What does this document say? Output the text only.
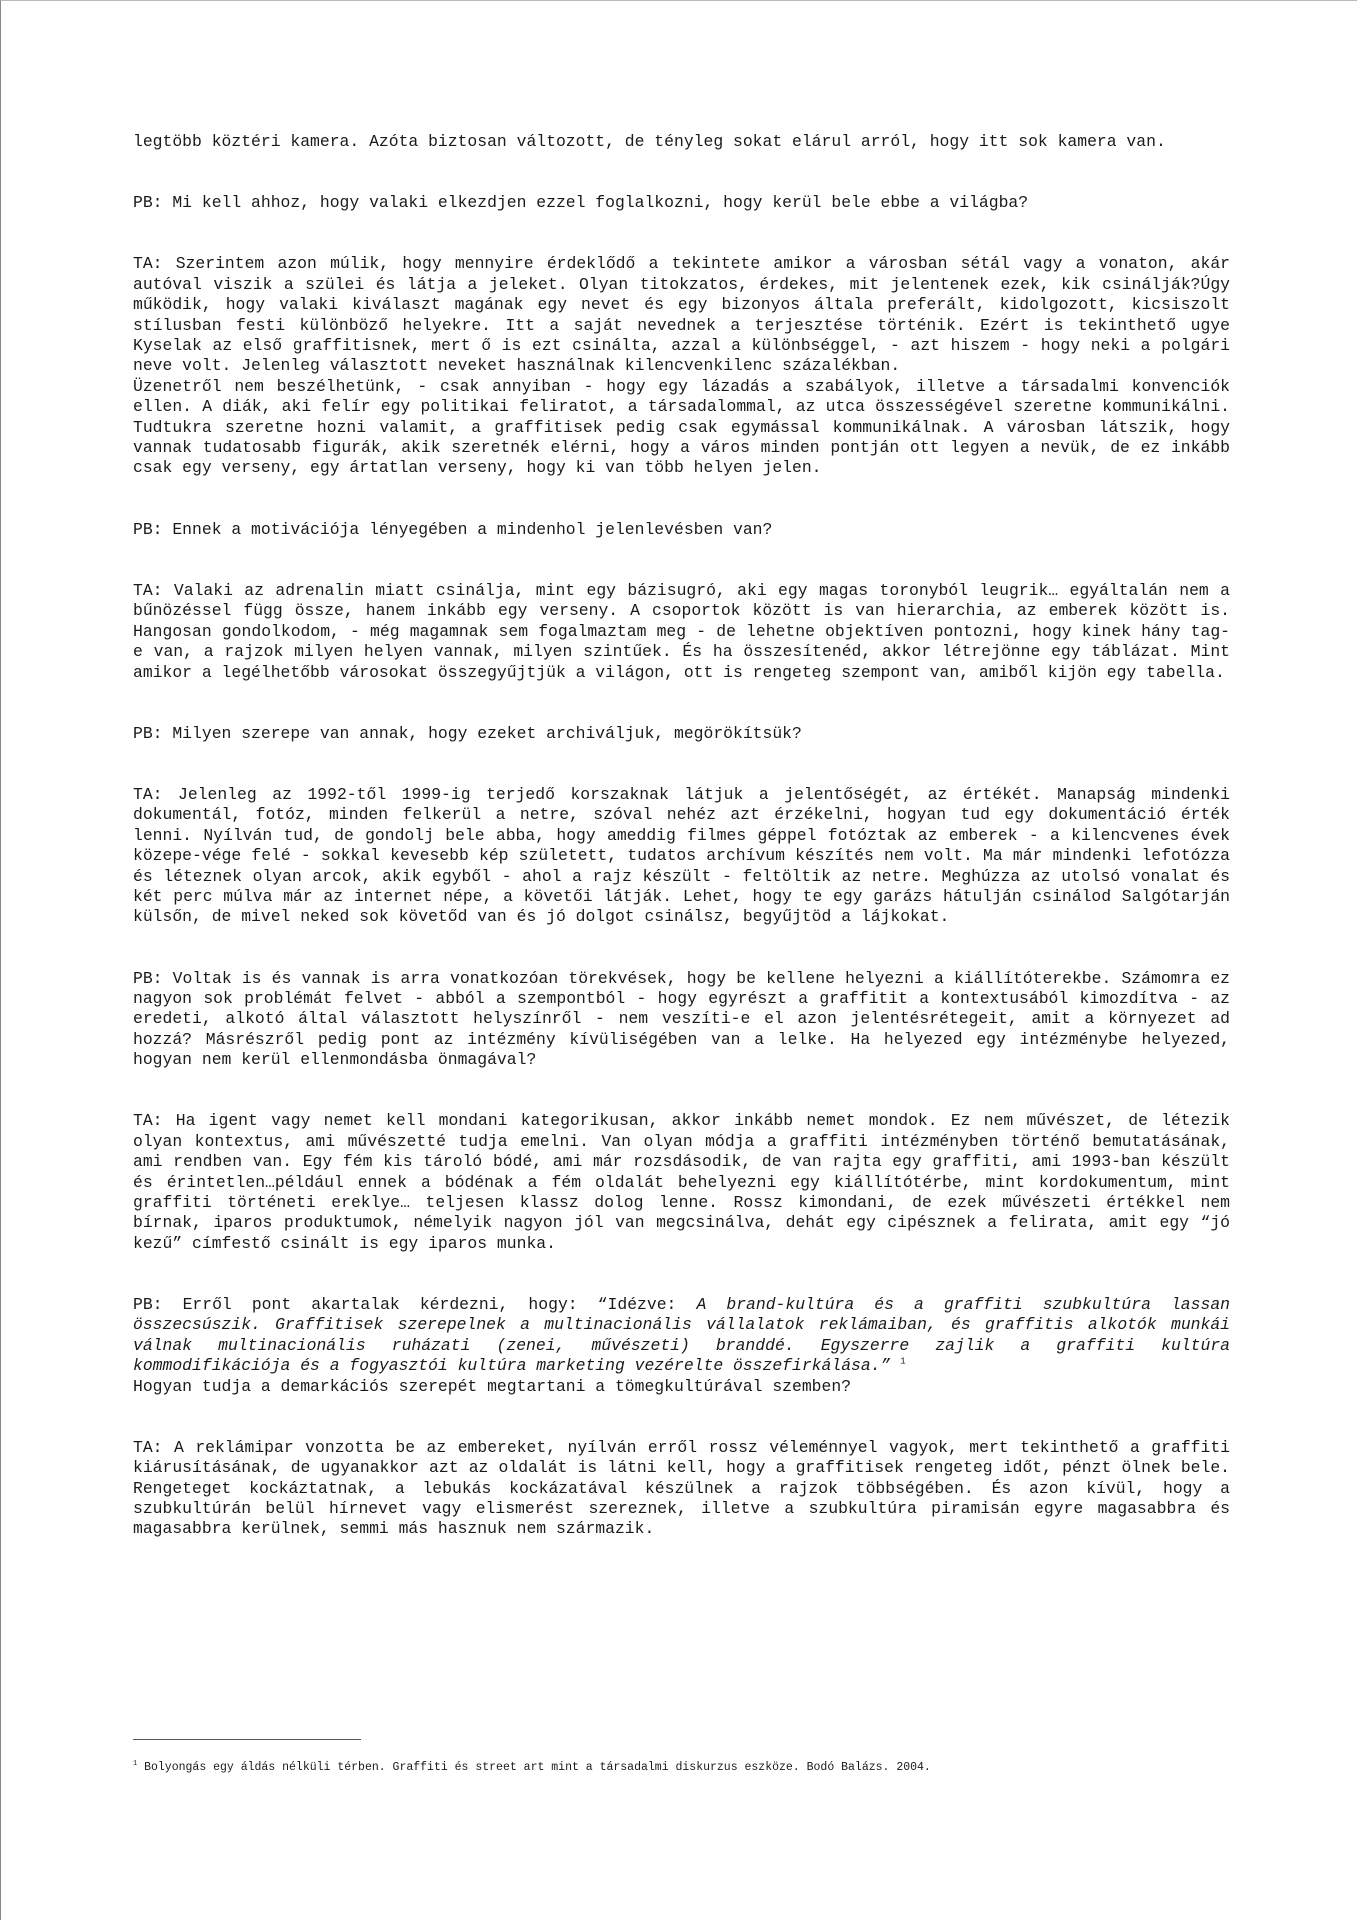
legtöbb köztéri kamera. Azóta biztosan változott, de tényleg sokat elárul arról, hogy itt sok kamera van.

PB: Mi kell ahhoz, hogy valaki elkezdjen ezzel foglalkozni, hogy kerül bele ebbe a világba?

TA: Szerintem azon múlik, hogy mennyire érdeklődő a tekintete amikor a városban sétál vagy a vonaton, akár autóval viszik a szülei és látja a jeleket. Olyan titokzatos, érdekes, mit jelentenek ezek, kik csinálják?Úgy működik, hogy valaki kiválaszt magának egy nevet és egy bizonyos általa preferált, kidolgozott, kicsiszolt stílusban festi különböző helyekre. Itt a saját nevednek a terjesztése történik. Ezért is tekinthető ugye Kyselak az első graffitisnek, mert ő is ezt csinálta, azzal a különbséggel, - azt hiszem - hogy neki a polgári neve volt. Jelenleg választott neveket használnak kilencvenkilenc százalékban.

Üzenetről nem beszélhetünk, - csak annyiban - hogy egy lázadás a szabályok, illetve a társadalmi konvenciók ellen. A diák, aki felír egy politikai feliratot, a társadalommal, az utca összességével szeretne kommunikálni. Tudtukra szeretne hozni valamit, a graffitisek pedig csak egymással kommunikálnak. A városban látszik, hogy vannak tudatosabb figurák, akik szeretnék elérni, hogy a város minden pontján ott legyen a nevük, de ez inkább csak egy verseny, egy ártatlan verseny, hogy ki van több helyen jelen.

PB: Ennek a motivációja lényegében a mindenhol jelenlevésben van?

TA: Valaki az adrenalin miatt csinálja, mint egy bázisugró, aki egy magas toronyból leugrik… egyáltalán nem a bűnözéssel függ össze, hanem inkább egy verseny. A csoportok között is van hierarchia, az emberek között is. Hangosan gondolkodom, - még magamnak sem fogalmaztam meg - de lehetne objektíven pontozni, hogy kinek hány tag-e van, a rajzok milyen helyen vannak, milyen szintűek. És ha összesítenéd, akkor létrejönne egy táblázat. Mint amikor a legélhetőbb városokat összegyűjtjük a világon, ott is rengeteg szempont van, amiből kijön egy tabella.

PB: Milyen szerepe van annak, hogy ezeket archiváljuk, megörökítsük?

TA: Jelenleg az 1992-től 1999-ig terjedő korszaknak látjuk a jelentőségét, az értékét. Manapság mindenki dokumentál, fotóz, minden felkerül a netre, szóval nehéz azt érzékelni, hogyan tud egy dokumentáció érték lenni. Nyílván tud, de gondolj bele abba, hogy ameddig filmes géppel fotóztak az emberek - a kilencvenes évek közepe-vége felé - sokkal kevesebb kép született, tudatos archívum készítés nem volt. Ma már mindenki lefotózza és léteznek olyan arcok, akik egyből - ahol a rajz készült - feltöltik az netre. Meghúzza az utolsó vonalat és két perc múlva már az internet népe, a követői látják. Lehet, hogy te egy garázs hátulján csinálod Salgótarján külsőn, de mivel neked sok követőd van és jó dolgot csinálsz, begyűjtöd a lájkokat.

PB: Voltak is és vannak is arra vonatkozóan törekvések, hogy be kellene helyezni a kiállítóterekbe. Számomra ez nagyon sok problémát felvet - abból a szempontból - hogy egyrészt a graffitit a kontextusából kimozdítva - az eredeti, alkotó által választott helyszínről - nem veszíti-e el azon jelentésrétegeit, amit a környezet ad hozzá? Másrészről pedig pont az intézmény kívüliségében van a lelke. Ha helyezed egy intézménybe helyezed, hogyan nem kerül ellenmondásba önmagával?

TA: Ha igent vagy nemet kell mondani kategorikusan, akkor inkább nemet mondok. Ez nem művészet, de létezik olyan kontextus, ami művészetté tudja emelni. Van olyan módja a graffiti intézményben történő bemutatásának, ami rendben van. Egy fém kis tároló bódé, ami már rozsdásodik, de van rajta egy graffiti, ami 1993-ban készült és érintetlen…például ennek a bódénak a fém oldalát behelyezni egy kiállítótérbe, mint kordokumentum, mint graffiti történeti ereklye… teljesen klassz dolog lenne. Rossz kimondani, de ezek művészeti értékkel nem bírnak, iparos produktumok, némelyik nagyon jól van megcsinálva, dehát egy cipésznek a felirata, amit egy “jó kezű” címfestő csinált is egy iparos munka.

PB: Erről pont akartalak kérdezni, hogy: “Idézve: A brand-kultúra és a graffiti szubkultúra lassan összecsúszik. Graffitisek szerepelnek a multinacionális vállalatok reklámaiban, és graffitis alkotók munkái válnak multinacionális ruházati (zenei, művészeti) branddé. Egyszerre zajlik a graffiti kultúra kommodifikációja és a fogyasztói kultúra marketing vezérelte összefirkálása.” $^1$
Hogyan tudja a demarkációs szerepét megtartani a tömegkultúrával szemben?

TA: A reklámipar vonzotta be az embereket, nyílván erről rossz véleménnyel vagyok, mert tekinthető a graffiti kiárusításának, de ugyanakkor azt az oldalát is látni kell, hogy a graffitisek rengeteg időt, pénzt ölnek bele. Rengeteget kockáztatnak, a lebukás kockázatával készülnek a rajzok többségében. És azon kívül, hogy a szubkultúrán belül hírnevet vagy elismerést szereznek, illetve a szubkultúra piramisán egyre magasabbra és magasabbra kerülnek, semmi más hasznuk nem származik.

$^1$ Bolyongás egy áldás nélküli térben. Graffiti és street art mint a társadalmi diskurzus eszköze. Bodó Balázs. 2004.
